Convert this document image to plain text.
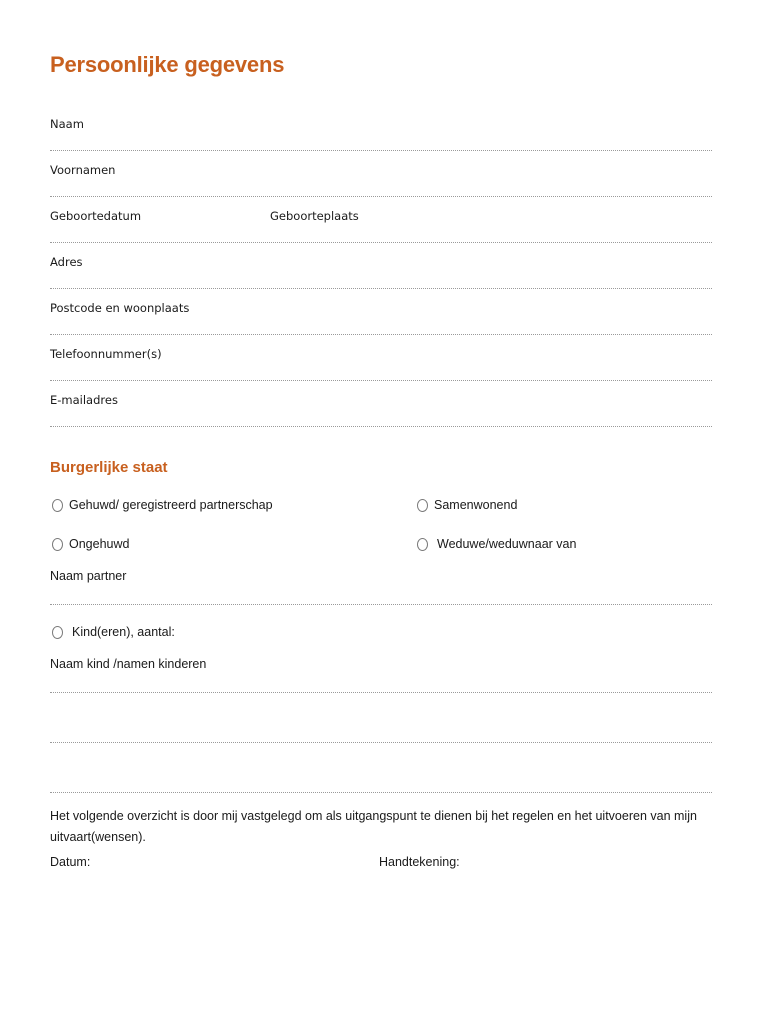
Persoonlijke gegevens
Naam
Voornamen
Geboortedatum	Geboorteplaats
Adres
Postcode en woonplaats
Telefoonnummer(s)
E-mailadres
Burgerlijke staat
Gehuwd/ geregistreerd partnerschap	Samenwonend
Ongehuwd	Weduwe/weduwnaar van
Naam partner
Kind(eren), aantal:
Naam kind /namen kinderen
Het volgende overzicht is door mij vastgelegd om als uitgangspunt te dienen bij het regelen en het uitvoeren van mijn uitvaart(wensen).
Datum:	Handtekening:
